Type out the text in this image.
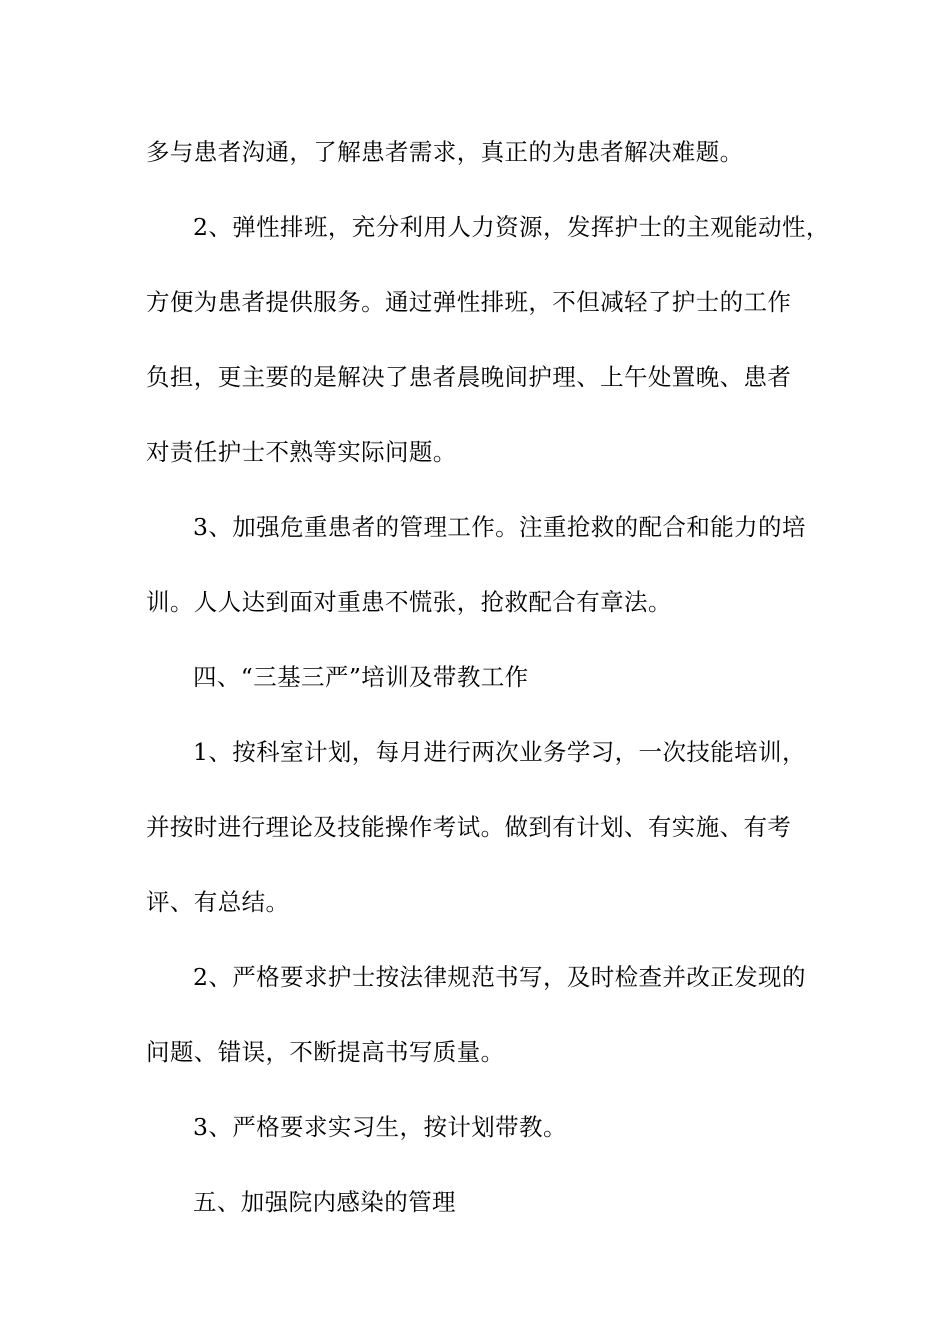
多与患者沟通，了解患者需求，真正的为患者解决难题。
2、弹性排班，充分利用人力资源，发挥护士的主观能动性，
方便为患者提供服务。通过弹性排班，不但减轻了护士的工作
负担，更主要的是解决了患者晨晚间护理、上午处置晚、患者
对责任护士不熟等实际问题。
3、加强危重患者的管理工作。注重抢救的配合和能力的培
训。人人达到面对重患不慌张，抢救配合有章法。
四、“三基三严”培训及带教工作
1、按科室计划，每月进行两次业务学习，一次技能培训，
并按时进行理论及技能操作考试。做到有计划、有实施、有考
评、有总结。
2、严格要求护士按法律规范书写，及时检查并改正发现的
问题、错误，不断提高书写质量。
3、严格要求实习生，按计划带教。
五、加强院内感染的管理
